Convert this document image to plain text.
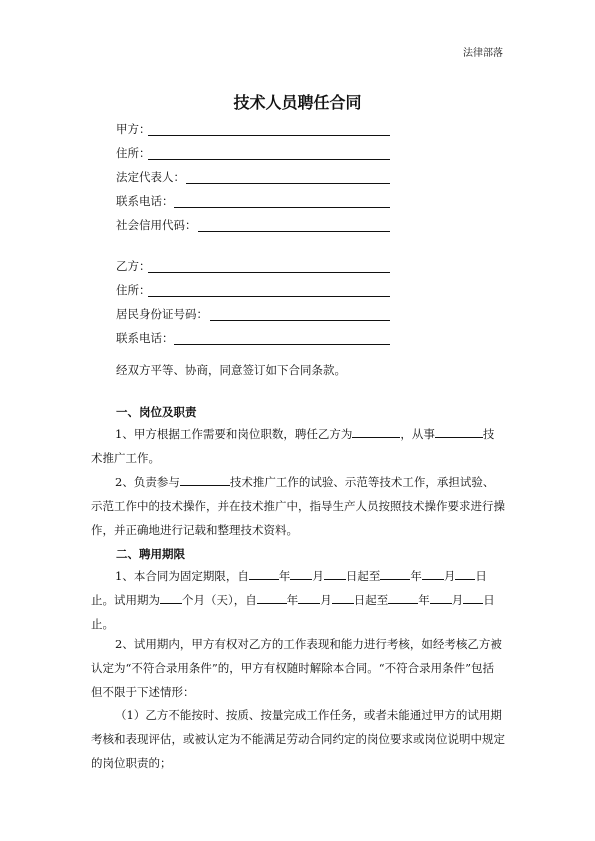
法律部落
技术人员聘任合同
甲方：
住所：
法定代表人：
联系电话：
社会信用代码：
乙方：
住所：
居民身份证号码：
联系电话：
经双方平等、协商，同意签订如下合同条款。
一、岗位及职责
1、甲方根据工作需要和岗位职数，聘任乙方为	，从事	技术推广工作。
2、负责参与	技术推广工作的试验、示范等技术工作，承担试验、示范工作中的技术操作，并在技术推广中，指导生产人员按照技术操作要求进行操作，并正确地进行记载和整理技术资料。
二、聘用期限
1、本合同为固定期限，自	年 月 日起至	年 月 日止。试用期为 个月（天），自	年 月 日起至	年 月 日止。
2、试用期内，甲方有权对乙方的工作表现和能力进行考核，如经考核乙方被认定为“不符合录用条件”的，甲方有权随时解除本合同。“不符合录用条件”包括但不限于下述情形：
（1）乙方不能按时、按质、按量完成工作任务，或者未能通过甲方的试用期考核和表现评估，或被认定为不能满足劳动合同约定的岗位要求或岗位说明中规定的岗位职责的；
